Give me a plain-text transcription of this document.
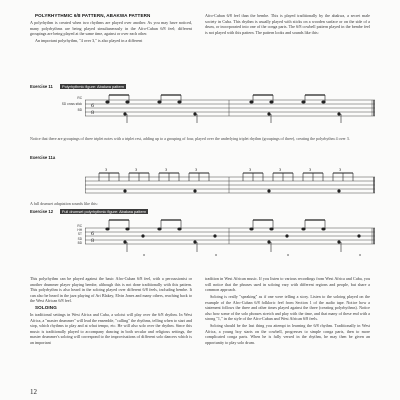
POLYRHYTHMIC 6/8 PATTERN, ABAKWA PATTERN

A polyrhythm is created when two rhythms are played over another. As you may have noticed, many polyrhythms are being played simultaneously in the Afro-Cuban 6/8 feel; different groupings are being played at the same time, against or over each other.

An important polyrhythm, "4 over 3," is also played in a different

Afro-Cuban 6/8 feel than the bembe. This is played traditionally by the abakwa, a secret male society in Cuba. This rhythm is usually played with sticks on a wooden surface or on the side of a drum, or incorporated into one of the conga parts. The 6/8 cowbell pattern played in the bembe feel is not played with this pattern. The pattern looks and sounds like this:

Exercise 11	Polyrhythmic figure: Abakwa pattern
RC
SD cross stick
BD
6
8
Notice that there are groupings of three triplet notes with a triplet rest, adding up to a grouping of four, played over the underlying triplet rhythm (groupings of three), creating the polyrhythm 4 over 3.
Exercise 11a
3	3	3	3	3	3	3	3
A full drumset adaptation sounds like this:
Exercise 12	Full drumset polyrhythmic figure: Abakwa pattern
RC
HH
ST
SD
BD
6
8
x	x	x	x

This polyrhythm can be played against the basic Afro-Cuban 6/8 feel, with a percussionist or another drummer player playing bembe, although this is not done traditionally with this pattern. This polyrhythm is also heard in the soloing played over different 6/8 feels, including bembe. It can also be heard in the jazz playing of Art Blakey, Elvin Jones and many others, reaching back to the West African 6/8 feel.

SOLOING

In traditional settings in West Africa and Cuba, a soloist will play over the 6/8 rhythm. In West Africa, a "master drummer" will lead the ensemble, "calling" the rhythms, telling when to start and stop, which rhythms to play and at what tempo, etc. He will also solo over the rhythm. Since this music is traditionally played to accompany dancing in both secular and religious settings, the master drummer's soloing will correspond to the improvisations of different solo dancers which is an important

tradition in West African music. If you listen to various recordings from West Africa and Cuba, you will notice that the phrases used in soloing vary with different regions and people, but share a common approach.

Soloing is really "speaking" as if one were telling a story. Listen to the soloing played on the example of the Afro-Cuban 6/8 folkloric feel from Section 1 of the audio tape. Notice how a statement follows the three and other times played against the three (creating polyrhythms). Notice also how some of the solo phrases stretch and play with the time, and that many of these end with a strong "1," in the style of the Afro-Cuban and West African 6/8 feels.

Soloing should be the last thing you attempt in learning the 6/8 rhythm. Traditionally in West Africa, a young boy starts on the cowbell, progresses to simple conga parts, then to more complicated conga parts. When he is fully versed in the rhythm, he may then be given an opportunity to play solo drum.

12
